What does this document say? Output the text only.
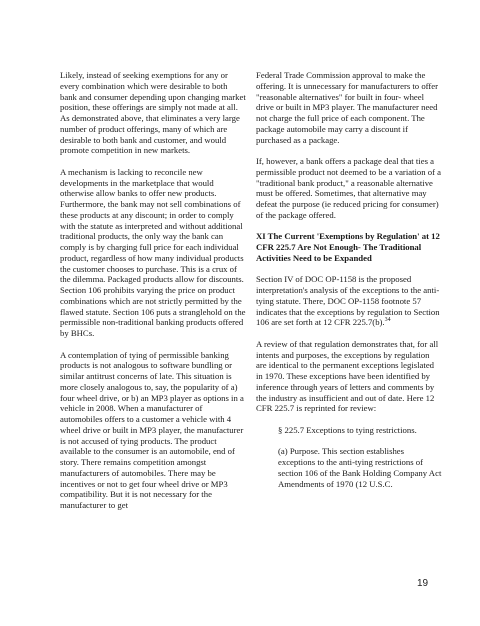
Likely, instead of seeking exemptions for any or every combination which were desirable to both bank and consumer depending upon changing market position, these offerings are simply not made at all. As demonstrated above, that eliminates a very large number of product offerings, many of which are desirable to both bank and customer, and would promote competition in new markets.

A mechanism is lacking to reconcile new developments in the marketplace that would otherwise allow banks to offer new products. Furthermore, the bank may not sell combinations of these products at any discount; in order to comply with the statute as interpreted and without additional traditional products, the only way the bank can comply is by charging full price for each individual product, regardless of how many individual products the customer chooses to purchase. This is a crux of the dilemma. Packaged products allow for discounts. Section 106 prohibits varying the price on product combinations which are not strictly permitted by the flawed statute. Section 106 puts a stranglehold on the permissible non-traditional banking products offered by BHCs.

A contemplation of tying of permissible banking products is not analogous to software bundling or similar antitrust concerns of late. This situation is more closely analogous to, say, the popularity of a) four wheel drive, or b) an MP3 player as options in a vehicle in 2008. When a manufacturer of automobiles offers to a customer a vehicle with 4 wheel drive or built in MP3 player, the manufacturer is not accused of tying products. The product available to the consumer is an automobile, end of story. There remains competition amongst manufacturers of automobiles. There may be incentives or not to get four wheel drive or MP3 compatibility. But it is not necessary for the manufacturer to get

Federal Trade Commission approval to make the offering. It is unnecessary for manufacturers to offer "reasonable alternatives" for built in four- wheel drive or built in MP3 player. The manufacturer need not charge the full price of each component. The package automobile may carry a discount if purchased as a package.

If, however, a bank offers a package deal that ties a permissible product not deemed to be a variation of a "traditional bank product," a reasonable alternative must be offered. Sometimes, that alternative may defeat the purpose (ie reduced pricing for consumer) of the package offered.

XI The Current 'Exemptions by Regulation' at 12 CFR 225.7 Are Not Enough- The Traditional Activities Need to be Expanded

Section IV of DOC OP-1158 is the proposed interpretation's analysis of the exceptions to the anti-tying statute. There, DOC OP-1158 footnote 57 indicates that the exceptions by regulation to Section 106 are set forth at 12 CFR 225.7(b).$^{34}$

A review of that regulation demonstrates that, for all intents and purposes, the exceptions by regulation are identical to the permanent exceptions legislated in 1970. These exceptions have been identified by inference through years of letters and comments by the industry as insufficient and out of date. Here 12 CFR 225.7 is reprinted for review:

§ 225.7 Exceptions to tying restrictions.

(a) Purpose. This section establishes exceptions to the anti-tying restrictions of section 106 of the Bank Holding Company Act Amendments of 1970 (12 U.S.C.

19
